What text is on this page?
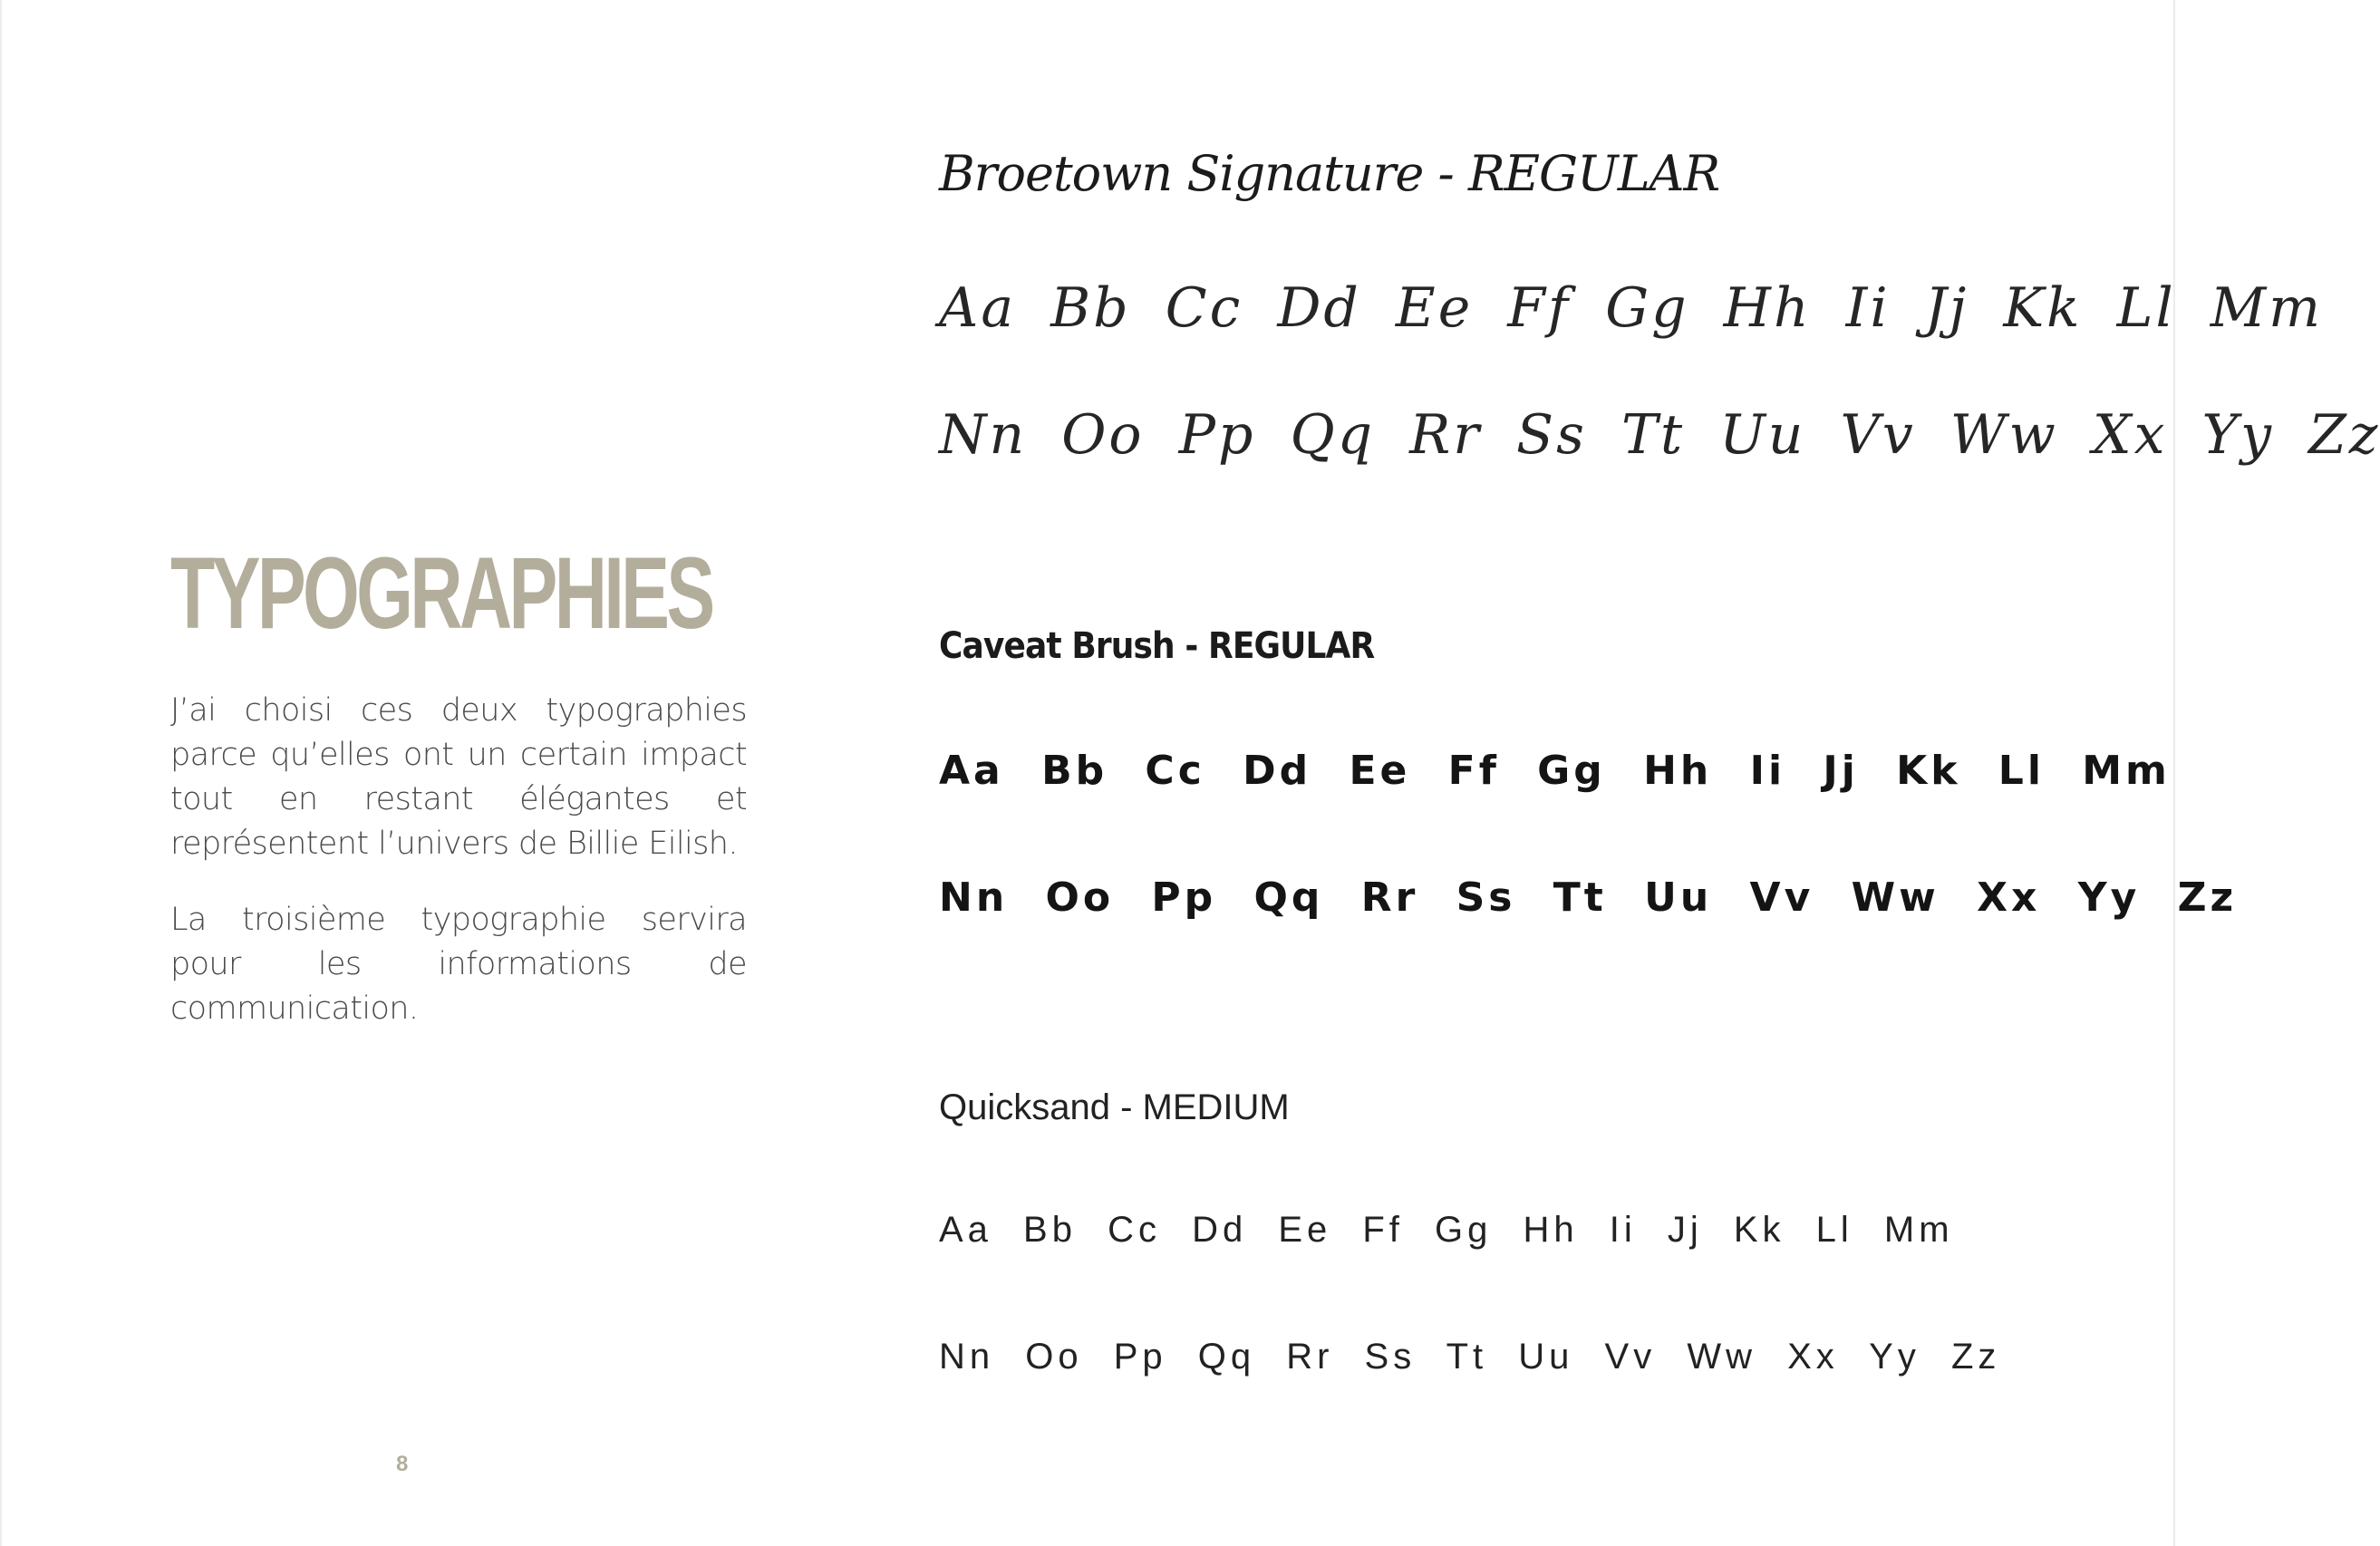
TYPOGRAPHIES

J’ai choisi ces deux typographies parce qu’elles ont un certain impact tout en restant élégantes et représentent l’univers de Billie Eilish.

La troisième typographie servira pour les informations de communication.

8
Broetown Signature - REGULAR
Aa Bb Cc Dd Ee Ff Gg Hh Ii Jj Kk Ll Mm
Nn Oo Pp Qq Rr Ss Tt Uu Vv Ww Xx Yy Zz
Caveat Brush - REGULAR
Aa Bb Cc Dd Ee Ff Gg Hh Ii Jj Kk Ll Mm
Nn Oo Pp Qq Rr Ss Tt Uu Vv Ww Xx Yy Zz
Quicksand - MEDIUM
Aa Bb Cc Dd Ee Ff Gg Hh Ii Jj Kk Ll Mm
Nn Oo Pp Qq Rr Ss Tt Uu Vv Ww Xx Yy Zz
